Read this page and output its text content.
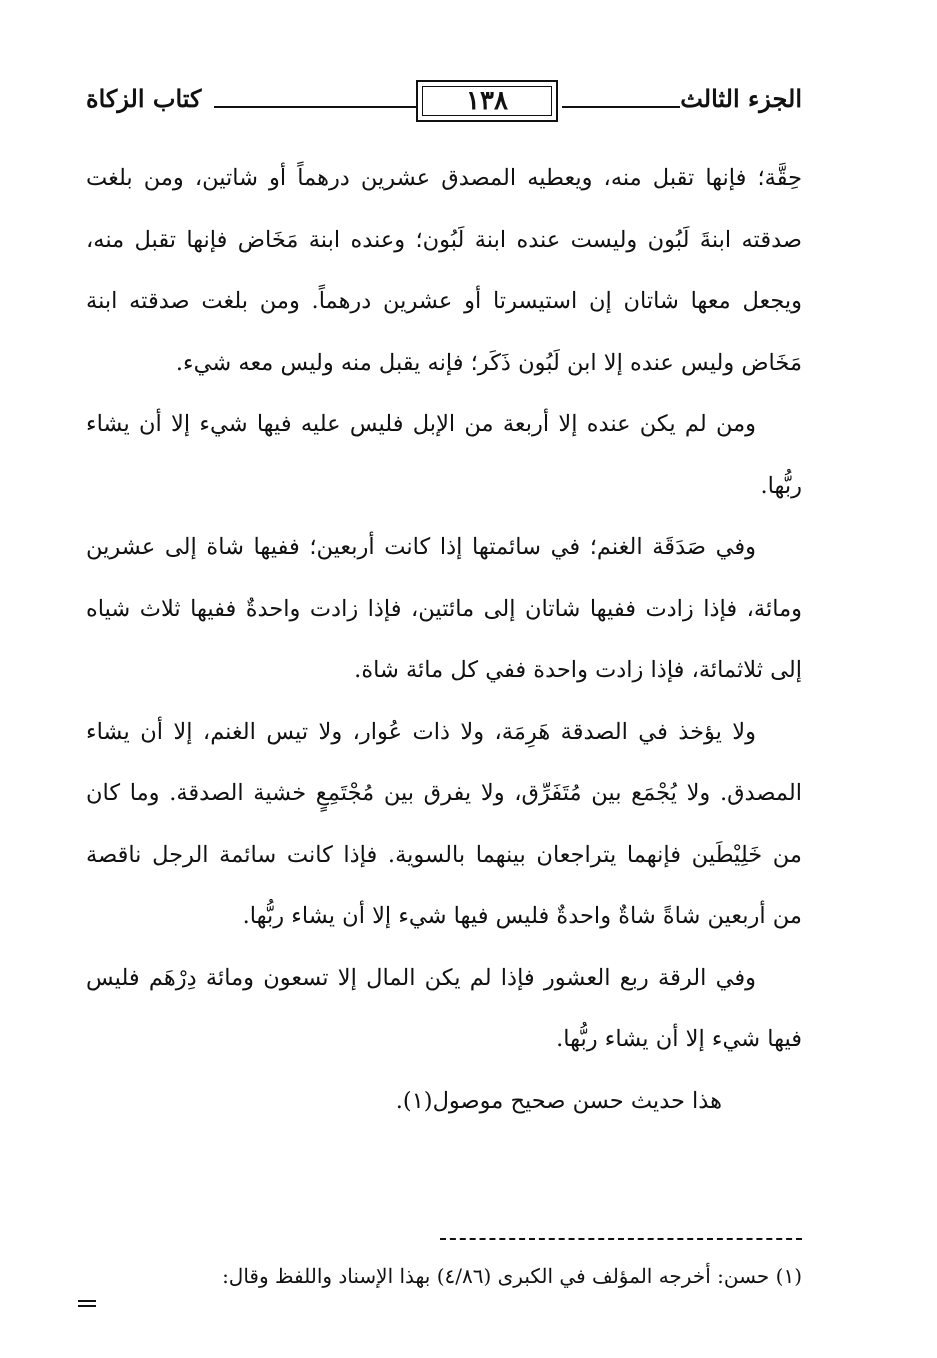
كتاب الزكاة	١٣٨	الجزء الثالث

حِقَّة؛ فإنها تقبل منه، ويعطيه المصدق عشرين درهماً أو شاتين، ومن بلغت صدقته ابنةَ لَبُون وليست عنده ابنة لَبُون؛ وعنده ابنة مَخَاض فإنها تقبل منه، ويجعل معها شاتان إن استيسرتا أو عشرين درهماً. ومن بلغت صدقته ابنة مَخَاض وليس عنده إلا ابن لَبُون ذَكَر؛ فإنه يقبل منه وليس معه شيء.

ومن لم يكن عنده إلا أربعة من الإبل فليس عليه فيها شيء إلا أن يشاء ربُّها.

وفي صَدَقَة الغنم؛ في سائمتها إذا كانت أربعين؛ ففيها شاة إلى عشرين ومائة، فإذا زادت ففيها شاتان إلى مائتين، فإذا زادت واحدةٌ ففيها ثلاث شياه إلى ثلاثمائة، فإذا زادت واحدة ففي كل مائة شاة.

ولا يؤخذ في الصدقة هَرِمَة، ولا ذات عُوار، ولا تيس الغنم، إلا أن يشاء المصدق. ولا يُجْمَع بين مُتَفَرِّق، ولا يفرق بين مُجْتَمِعٍ خشية الصدقة. وما كان من خَلِيْطَين فإنهما يتراجعان بينهما بالسوية. فإذا كانت سائمة الرجل ناقصة من أربعين شاةً شاةٌ واحدةٌ فليس فيها شيء إلا أن يشاء ربُّها.

وفي الرقة ربع العشور فإذا لم يكن المال إلا تسعون ومائة دِرْهَم فليس فيها شيء إلا أن يشاء ربُّها.

هذا حديث حسن صحيح موصول(١).

(١) حسن: أخرجه المؤلف في الكبرى (٤/٨٦) بهذا الإسناد واللفظ وقال:
